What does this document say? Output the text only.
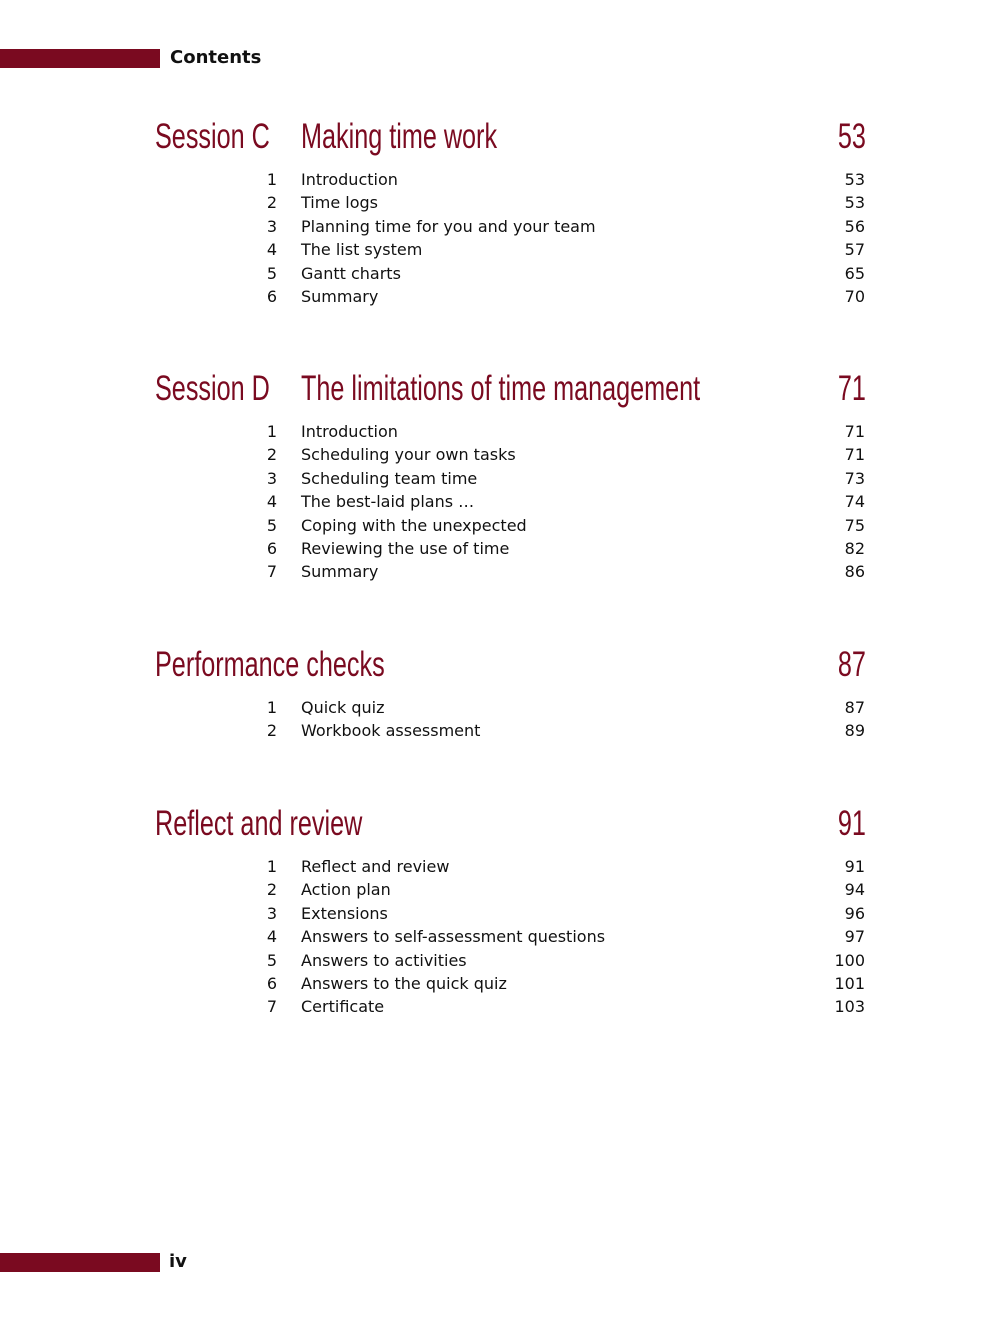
Contents
Session C Making time work	53
1 Introduction	53
2 Time logs	53
3 Planning time for you and your team	56
4 The list system	57
5 Gantt charts	65
6 Summary	70
Session D The limitations of time management	71
1 Introduction	71
2 Scheduling your own tasks	71
3 Scheduling team time	73
4 The best-laid plans …	74
5 Coping with the unexpected	75
6 Reviewing the use of time	82
7 Summary	86
Performance checks	87
1 Quick quiz	87
2 Workbook assessment	89
Reflect and review	91
1 Reflect and review	91
2 Action plan	94
3 Extensions	96
4 Answers to self-assessment questions	97
5 Answers to activities	100
6 Answers to the quick quiz	101
7 Certificate	103
iv
